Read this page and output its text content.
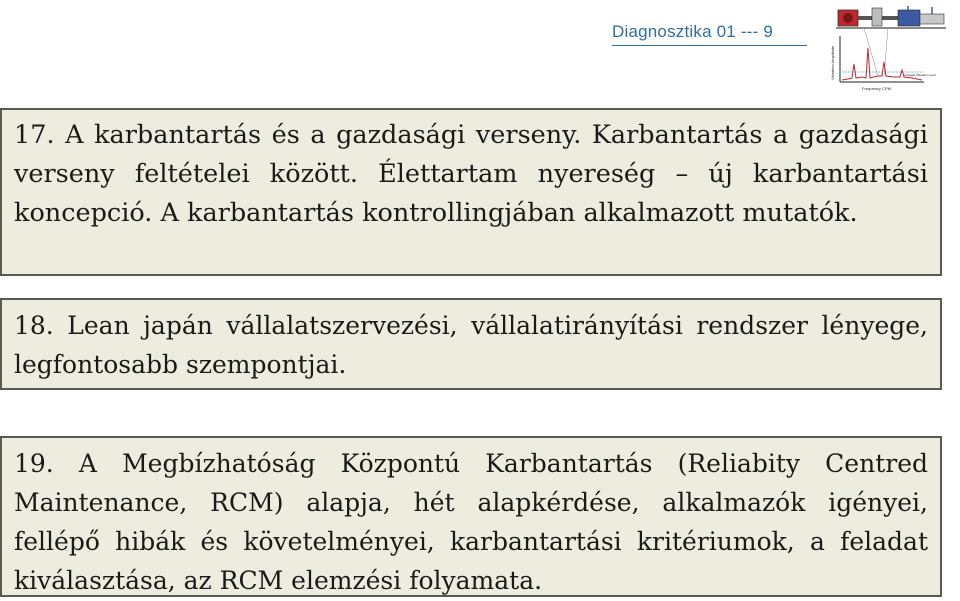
Diagnosztika 01 --- 9
Vibration Amplitude
Frequency CPM
Average Vibration Level

17. A karbantartás és a gazdasági verseny. Karbantartás a gazdasági verseny feltételei között. Élettartam nyereség – új karbantartási koncepció. A karbantartás kontrollingjában alkalmazott mutatók.

18. Lean japán vállalatszervezési, vállalatirányítási rendszer lényege, legfontosabb szempontjai.

19. A Megbízhatóság Központú Karbantartás (Reliabity Centred Maintenance, RCM) alapja, hét alapkérdése, alkalmazók igényei, fellépő hibák és követelményei, karbantartási kritériumok, a feladat kiválasztása, az RCM elemzési folyamata.
